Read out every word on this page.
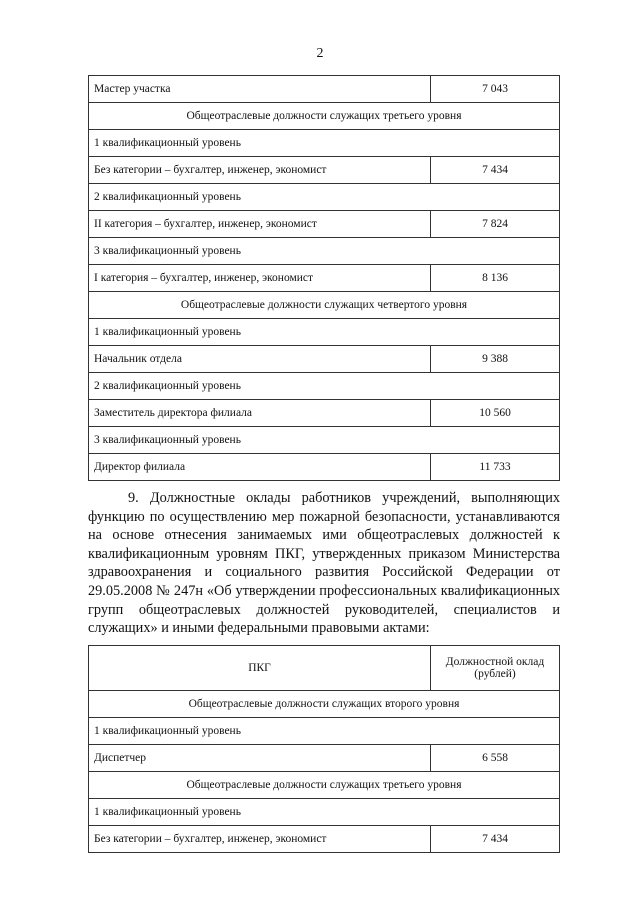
2
Мастер участка	7 043
Общеотраслевые должности служащих третьего уровня	
1 квалификационный уровень	
Без категории – бухгалтер, инженер, экономист	7 434
2 квалификационный уровень	
II категория – бухгалтер, инженер, экономист	7 824
3 квалификационный уровень	
I категория – бухгалтер, инженер, экономист	8 136
Общеотраслевые должности служащих четвертого уровня	
1 квалификационный уровень	
Начальник отдела	9 388
2 квалификационный уровень	
Заместитель директора филиала	10 560
3 квалификационный уровень	
Директор филиала	11 733

9. Должностные оклады работников учреждений, выполняющих функцию по осуществлению мер пожарной безопасности, устанавливаются на основе отнесения занимаемых ими общеотраслевых должностей к квалификационным уровням ПКГ, утвержденных приказом Министерства здравоохранения и социального развития Российской Федерации от 29.05.2008 № 247н «Об утверждении профессиональных квалификационных групп общеотраслевых должностей руководителей, специалистов и служащих» и иными федеральными правовыми актами:

ПКГ	Должностной оклад
(рублей)
Общеотраслевые должности служащих второго уровня	
1 квалификационный уровень	
Диспетчер	6 558
Общеотраслевые должности служащих третьего уровня	
1 квалификационный уровень	
Без категории – бухгалтер, инженер, экономист	7 434
